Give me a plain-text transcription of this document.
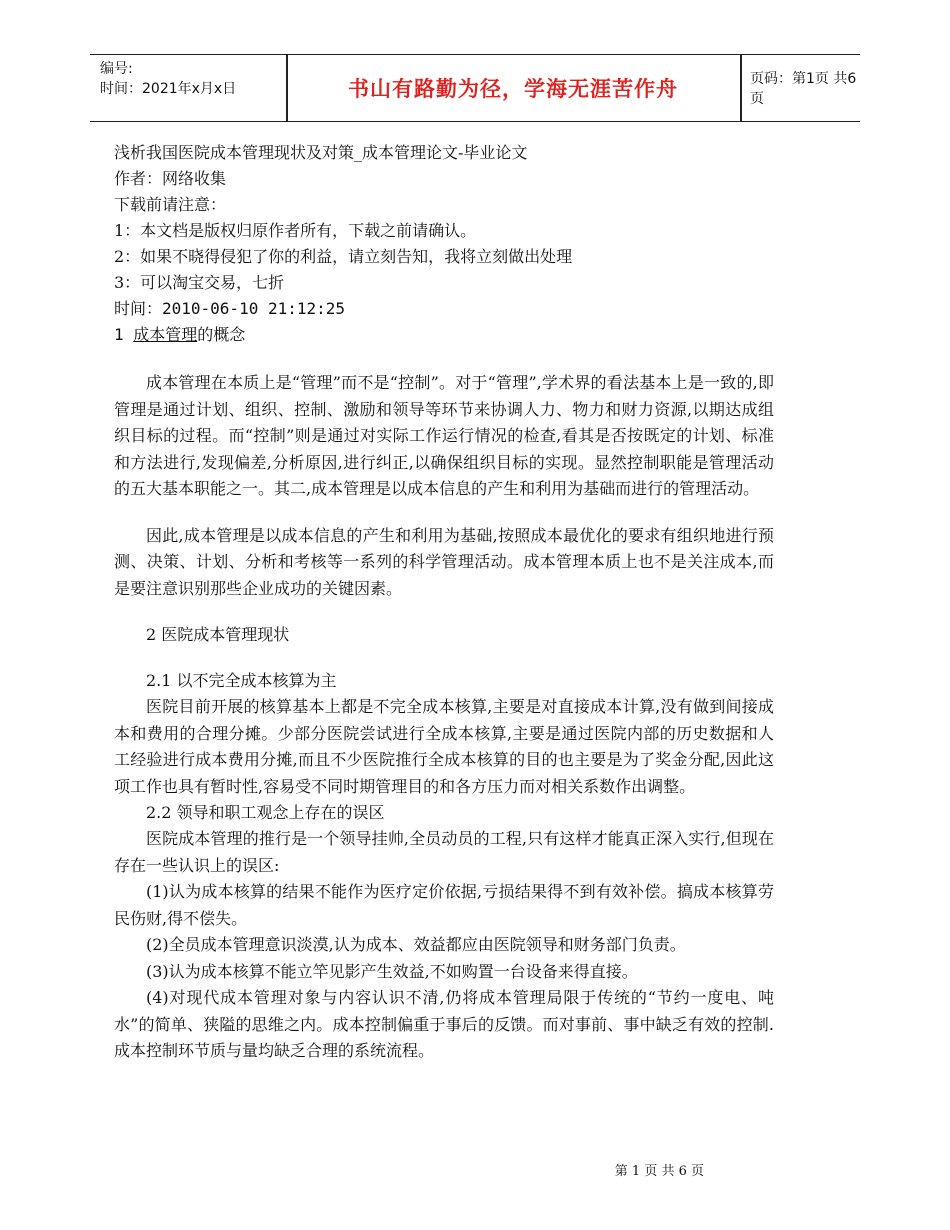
编号:
时间：2021年x月x日	书山有路勤为径，学海无涯苦作舟	页码：第1页 共6页
浅析我国医院成本管理现状及对策_成本管理论文-毕业论文
作者：网络收集
下载前请注意：
1：本文档是版权归原作者所有，下载之前请确认。
2：如果不晓得侵犯了你的利益，请立刻告知，我将立刻做出处理
3：可以淘宝交易，七折
时间：2010-06-10 21:12:25
1 成本管理的概念

成本管理在本质上是“管理”而不是“控制”。对于“管理”,学术界的看法基本上是一致的,即管理是通过计划、组织、控制、激励和领导等环节来协调人力、物力和财力资源,以期达成组织目标的过程。而“控制”则是通过对实际工作运行情况的检查,看其是否按既定的计划、标准和方法进行,发现偏差,分析原因,进行纠正,以确保组织目标的实现。显然控制职能是管理活动的五大基本职能之一。其二,成本管理是以成本信息的产生和利用为基础而进行的管理活动。

因此,成本管理是以成本信息的产生和利用为基础,按照成本最优化的要求有组织地进行预测、决策、计划、分析和考核等一系列的科学管理活动。成本管理本质上也不是关注成本,而是要注意识别那些企业成功的关键因素。

2 医院成本管理现状

2.1 以不完全成本核算为主

医院目前开展的核算基本上都是不完全成本核算,主要是对直接成本计算,没有做到间接成本和费用的合理分摊。少部分医院尝试进行全成本核算,主要是通过医院内部的历史数据和人工经验进行成本费用分摊,而且不少医院推行全成本核算的目的也主要是为了奖金分配,因此这项工作也具有暂时性,容易受不同时期管理目的和各方压力而对相关系数作出调整。

2.2 领导和职工观念上存在的误区

医院成本管理的推行是一个领导挂帅,全员动员的工程,只有这样才能真正深入实行,但现在存在一些认识上的误区:

(1)认为成本核算的结果不能作为医疗定价依据,亏损结果得不到有效补偿。搞成本核算劳民伤财,得不偿失。

(2)全员成本管理意识淡漠,认为成本、效益都应由医院领导和财务部门负责。

(3)认为成本核算不能立竿见影产生效益,不如购置一台设备来得直接。

(4)对现代成本管理对象与内容认识不清,仍将成本管理局限于传统的“节约一度电、吨水”的简单、狭隘的思维之内。成本控制偏重于事后的反馈。而对事前、事中缺乏有效的控制.成本控制环节质与量均缺乏合理的系统流程。

第 1 页 共 6 页
